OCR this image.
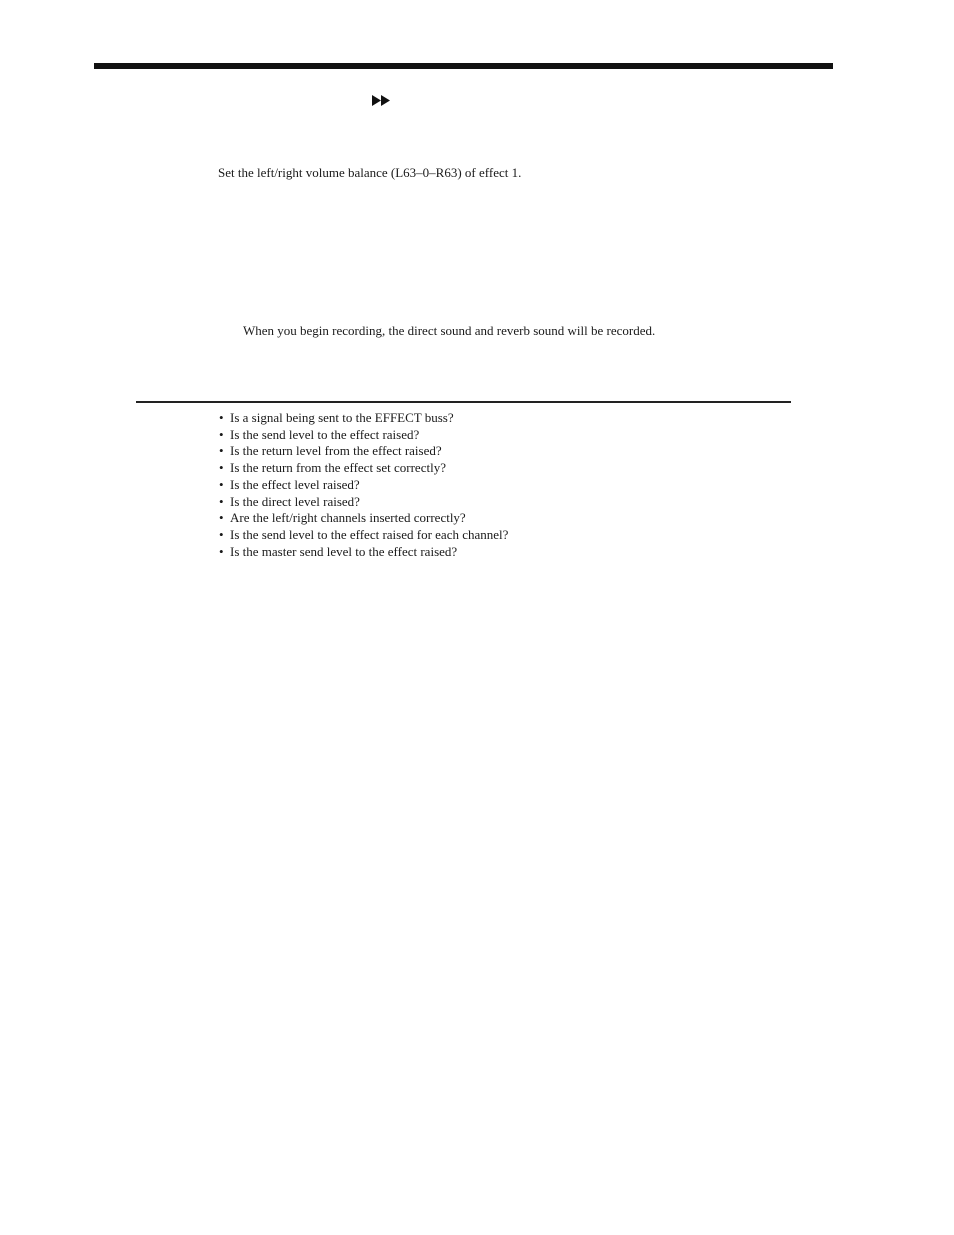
Set the left/right volume balance (L63–0–R63) of effect 1.
When you begin recording, the direct sound and reverb sound will be recorded.
• Is a signal being sent to the EFFECT buss?
• Is the send level to the effect raised?
• Is the return level from the effect raised?
• Is the return from the effect set correctly?
• Is the effect level raised?
• Is the direct level raised?
• Are the left/right channels inserted correctly?
• Is the send level to the effect raised for each channel?
• Is the master send level to the effect raised?
